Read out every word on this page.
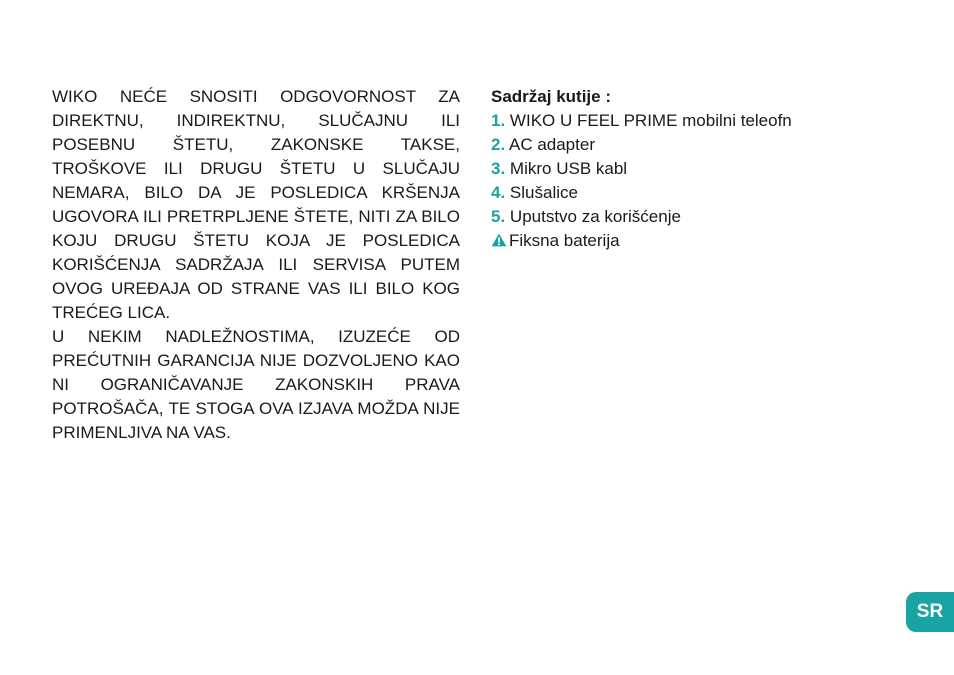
WIKO NEĆE SNOSITI ODGOVORNOST ZA DIREKTNU, INDIREKTNU, SLUČAJNU ILI POSEBNU ŠTETU, ZAKONSKE TAKSE, TROŠKOVE ILI DRUGU ŠTETU U SLUČAJU NEMARA, BILO DA JE POSLEDICA KRŠENJA UGOVORA ILI PRETRPLJENE ŠTETE, NITI ZA BILO KOJU DRUGU ŠTETU KOJA JE POSLEDICA KORIŠĆENJA SADRŽAJA ILI SERVISA PUTEM OVOG UREĐAJA OD STRANE VAS ILI BILO KOG TREĆEG LICA.

U NEKIM NADLEŽNOSTIMA, IZUZEĆE OD PREĆUTNIH GARANCIJA NIJE DOZVOLJENO KAO NI OGRANIČAVANJE ZAKONSKIH PRAVA POTROŠAČA, TE STOGA OVA IZJAVA MOŽDA NIJE PRIMENLJIVA NA VAS.

Sadržaj kutije :

1. WIKO U FEEL PRIME mobilni teleofn
2. AC adapter
3. Mikro USB kabl
4. Slušalice
5. Uputstvo za korišćenje
Fiksna baterija
SR
